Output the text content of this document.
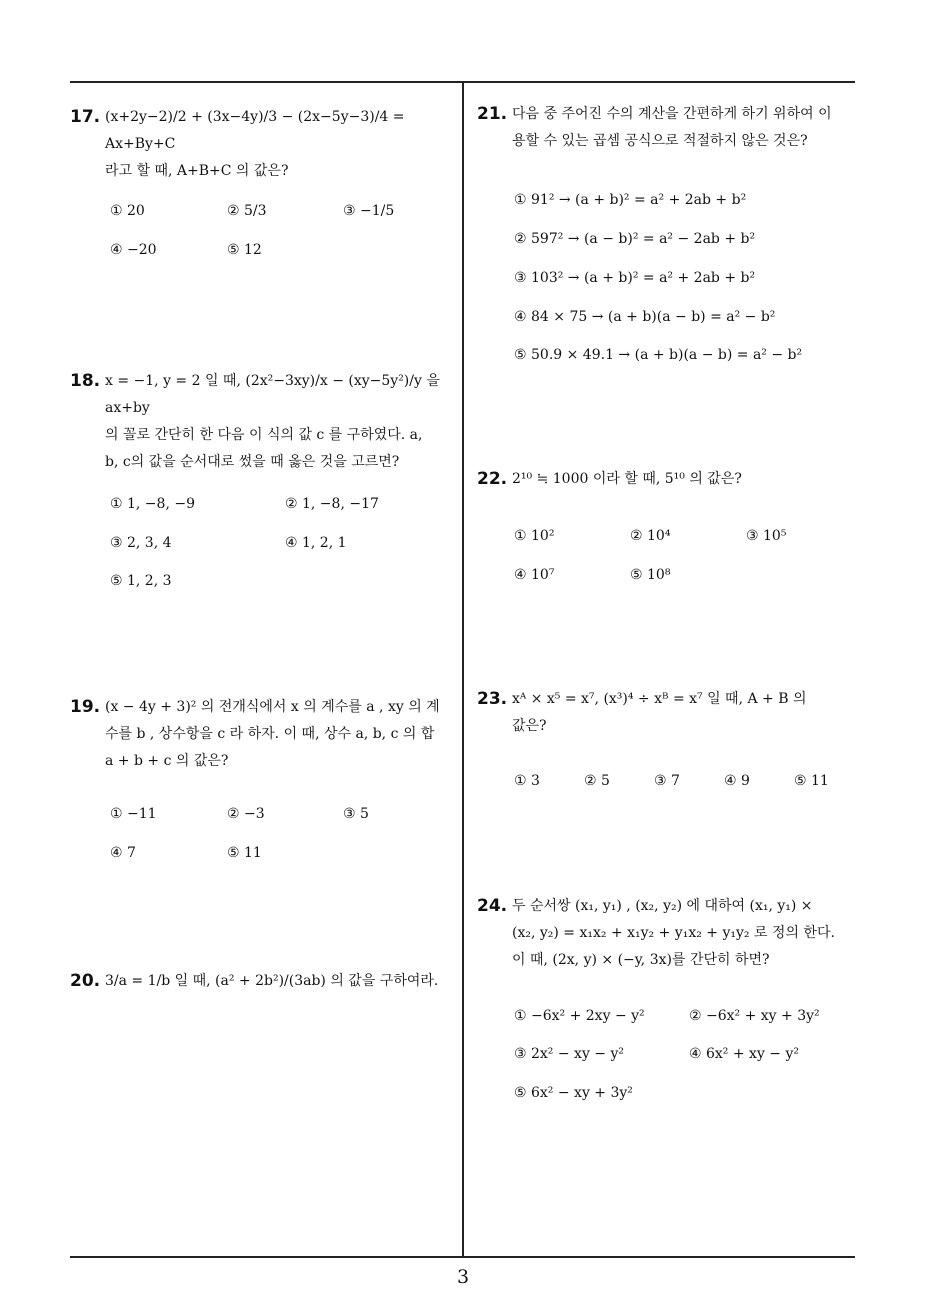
17. (x+2y−2)/2 + (3x−4y)/3 − (2x−5y−3)/4 = Ax+By+C

라고 할 때, A+B+C 의 값은?

① 20	② 5/3	③ −1/5
④ −20	⑤ 12
18. x = −1, y = 2 일 때, (2x²−3xy)/x − (xy−5y²)/y 을 ax+by

의 꼴로 간단히 한 다음 이 식의 값 c 를 구하였다. a,

b, c의 값을 순서대로 썼을 때 옳은 것을 고르면?

① 1, −8, −9	② 1, −8, −17
③ 2, 3, 4	④ 1, 2, 1
⑤ 1, 2, 3
19. (x − 4y + 3)² 의 전개식에서 x 의 계수를 a , xy 의 계

수를 b , 상수항을 c 라 하자. 이 때, 상수 a, b, c 의 합

a + b + c 의 값은?

① −11	② −3	③ 5
④ 7	⑤ 11
20. 3/a = 1/b 일 때, (a² + 2b²)/(3ab) 의 값을 구하여라.

21. 다음 중 주어진 수의 계산을 간편하게 하기 위하여 이

용할 수 있는 곱셈 공식으로 적절하지 않은 것은?

① 91² → (a + b)² = a² + 2ab + b²
② 597² → (a − b)² = a² − 2ab + b²
③ 103² → (a + b)² = a² + 2ab + b²
④ 84 × 75 → (a + b)(a − b) = a² − b²
⑤ 50.9 × 49.1 → (a + b)(a − b) = a² − b²
22. 2¹⁰ ≒ 1000 이라 할 때, 5¹⁰ 의 값은?

① 10²	② 10⁴	③ 10⁵
④ 10⁷	⑤ 10⁸
23. xᴬ × x⁵ = x⁷, (x³)⁴ ÷ xᴮ = x⁷ 일 때, A + B 의

값은?

① 3	② 5	③ 7	④ 9	⑤ 11
24. 두 순서쌍 (x₁, y₁) , (x₂, y₂) 에 대하여 (x₁, y₁) ×

(x₂, y₂) = x₁x₂ + x₁y₂ + y₁x₂ + y₁y₂ 로 정의 한다.

이 때, (2x, y) × (−y, 3x)를 간단히 하면?

① −6x² + 2xy − y²	② −6x² + xy + 3y²
③ 2x² − xy − y²	④ 6x² + xy − y²
⑤ 6x² − xy + 3y²
3
